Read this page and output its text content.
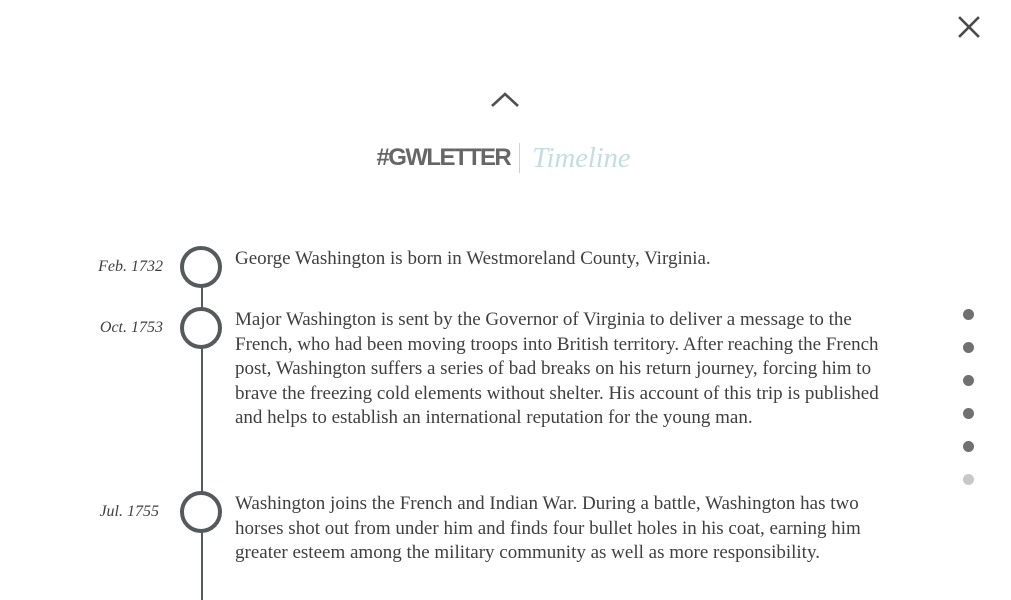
#GWLETTER Timeline
Feb. 1732	George Washington is born in Westmoreland County, Virginia.

Oct. 1753	Major Washington is sent by the Governor of Virginia to deliver a message to the French, who had been moving troops into British territory. After reaching the French post, Washington suffers a series of bad breaks on his return journey, forcing him to brave the freezing cold elements without shelter. His account of this trip is published and helps to establish an international reputation for the young man.

Jul. 1755	Washington joins the French and Indian War. During a battle, Washington has two horses shot out from under him and finds four bullet holes in his coat, earning him greater esteem among the military community as well as more responsibility.
